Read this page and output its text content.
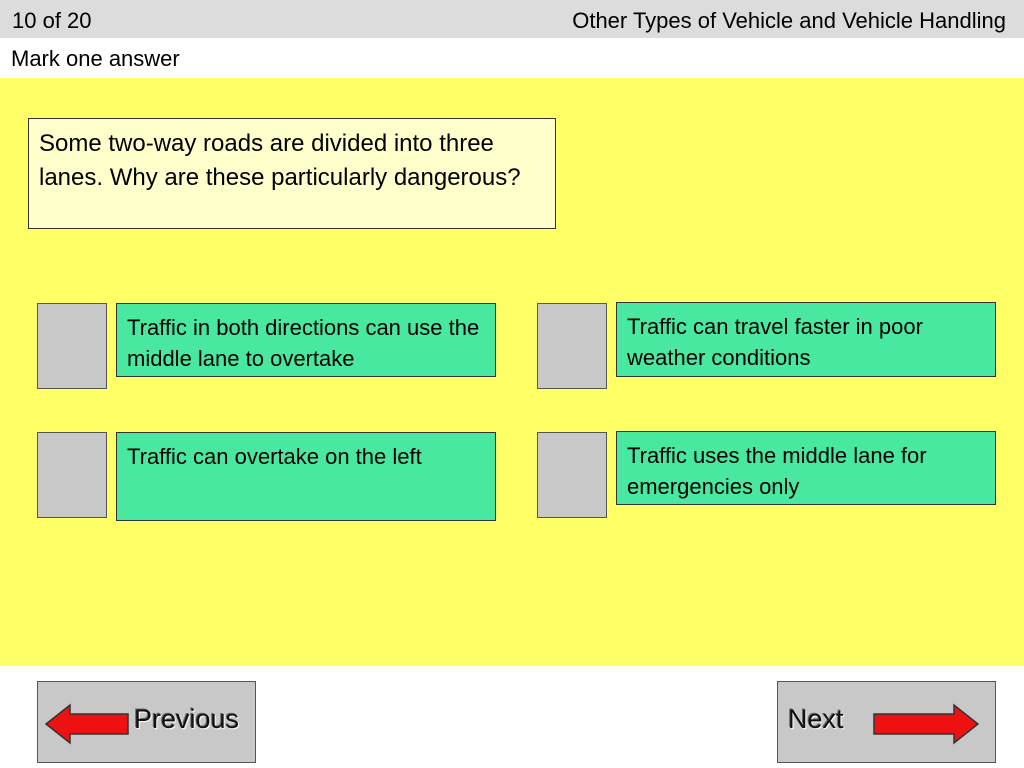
10 of 20	Other Types of Vehicle and Vehicle Handling
Mark one answer
Some two-way roads are divided into three lanes. Why are these particularly dangerous?
Traffic in both directions can use the middle lane to overtake
Traffic can travel faster in poor weather conditions
Traffic can overtake on the left	Traffic uses the middle lane for emergencies only
Previous	Next
